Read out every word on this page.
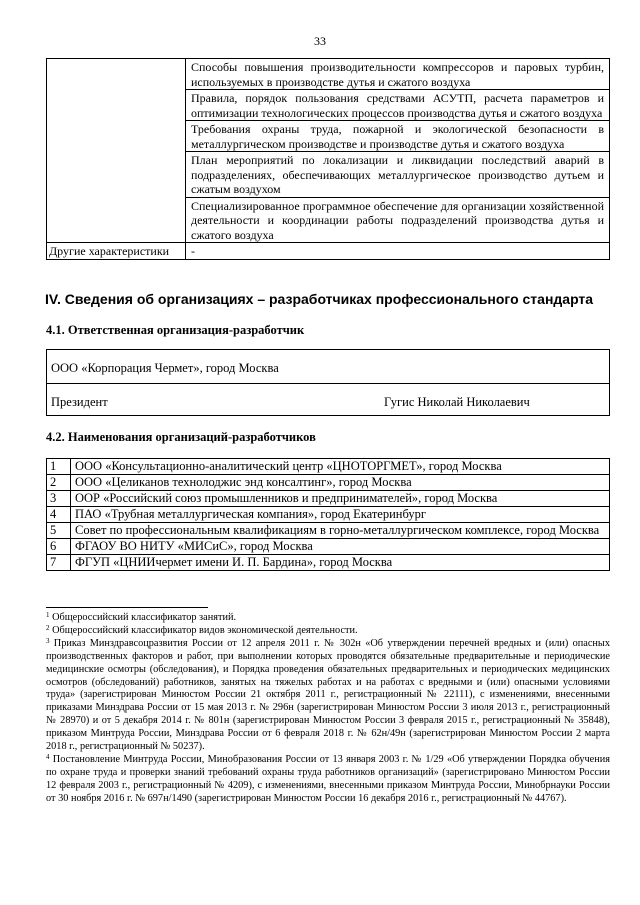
33
	Способы повышения производительности компрессоров и паровых турбин, используемых в производстве дутья и сжатого воздуха
	Правила, порядок пользования средствами АСУТП, расчета параметров и оптимизации технологических процессов производства дутья и сжатого воздуха
	Требования охраны труда, пожарной и экологической безопасности в металлургическом производстве и производстве дутья и сжатого воздуха
	План мероприятий по локализации и ликвидации последствий аварий в подразделениях, обеспечивающих металлургическое производство дутьем и сжатым воздухом
	Специализированное программное обеспечение для организации хозяйственной деятельности и координации работы подразделений производства дутья и сжатого воздуха
Другие характеристики	-
IV. Сведения об организациях – разработчиках профессионального стандарта
4.1. Ответственная организация-разработчик
ООО «Корпорация Чермет», город Москва
Президент	Гугис Николай Николаевич
4.2. Наименования организаций-разработчиков
1	ООО «Консультационно-аналитический центр «ЦНОТОРГМЕТ», город Москва
2	ООО «Целиканов технолоджис энд консалтинг», город Москва
3	ООР «Российский союз промышленников и предпринимателей», город Москва
4	ПАО «Трубная металлургическая компания», город Екатеринбург
5	Совет по профессиональным квалификациям в горно-металлургическом комплексе, город Москва
6	ФГАОУ ВО НИТУ «МИСиС», город Москва
7	ФГУП «ЦНИИчермет имени И. П. Бардина», город Москва

$^1$ Общероссийский классификатор занятий.

$^2$ Общероссийский классификатор видов экономической деятельности.

$^3$ Приказ Минздравсоцразвития России от 12 апреля 2011 г. № 302н «Об утверждении перечней вредных и (или) опасных производственных факторов и работ, при выполнении которых проводятся обязательные предварительные и периодические медицинские осмотры (обследования), и Порядка проведения обязательных предварительных и периодических медицинских осмотров (обследований) работников, занятых на тяжелых работах и на работах с вредными и (или) опасными условиями труда» (зарегистрирован Минюстом России 21 октября 2011 г., регистрационный № 22111), с изменениями, внесенными приказами Минздрава России от 15 мая 2013 г. № 296н (зарегистрирован Минюстом России 3 июля 2013 г., регистрационный № 28970) и от 5 декабря 2014 г. № 801н (зарегистрирован Минюстом России 3 февраля 2015 г., регистрационный № 35848), приказом Минтруда России, Минздрава России от 6 февраля 2018 г. № 62н/49н (зарегистрирован Минюстом России 2 марта 2018 г., регистрационный № 50237).

$^4$ Постановление Минтруда России, Минобразования России от 13 января 2003 г. № 1/29 «Об утверждении Порядка обучения по охране труда и проверки знаний требований охраны труда работников организаций» (зарегистрировано Минюстом России 12 февраля 2003 г., регистрационный № 4209), с изменениями, внесенными приказом Минтруда России, Минобрнауки России от 30 ноября 2016 г. № 697н/1490 (зарегистрирован Минюстом России 16 декабря 2016 г., регистрационный № 44767).
